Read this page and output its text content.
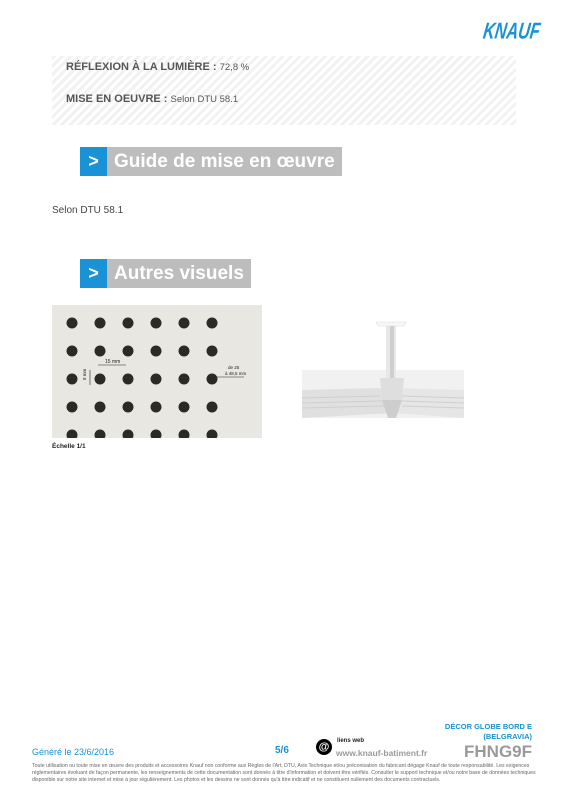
KNAUF
RÉFLEXION À LA LUMIÈRE : 72,8 %
MISE EN OEUVRE : Selon DTU 58.1
> Guide de mise en œuvre
Selon DTU 58.1
> Autres visuels
15 mm
8 mm
de 25
à 48,5 mm
Échelle 1/1
DÉCOR GLOBE BORD E
(BELGRAVIA)
FHNG9F
Généré le 23/6/2016	5/6	@	liens web
www.knauf-batiment.fr
Toute utilisation ou toute mise en œuvre des produits et accessoires Knauf non conforme aux Règles de l'Art, DTU, Avis Technique et/ou préconisation du fabricant dégage Knauf de toute responsabilité. Les exigences réglementaires évoluant de façon permanente, les renseignements de cette documentation sont donnés à titre d'information et doivent être vérifiés. Consulter le support technique et/ou notre base de données techniques disponible sur notre site internet et mise à jour régulièrement. Les photos et les dessins ne sont donnés qu'à titre indicatif et ne constituent nullement des documents contractuels.
